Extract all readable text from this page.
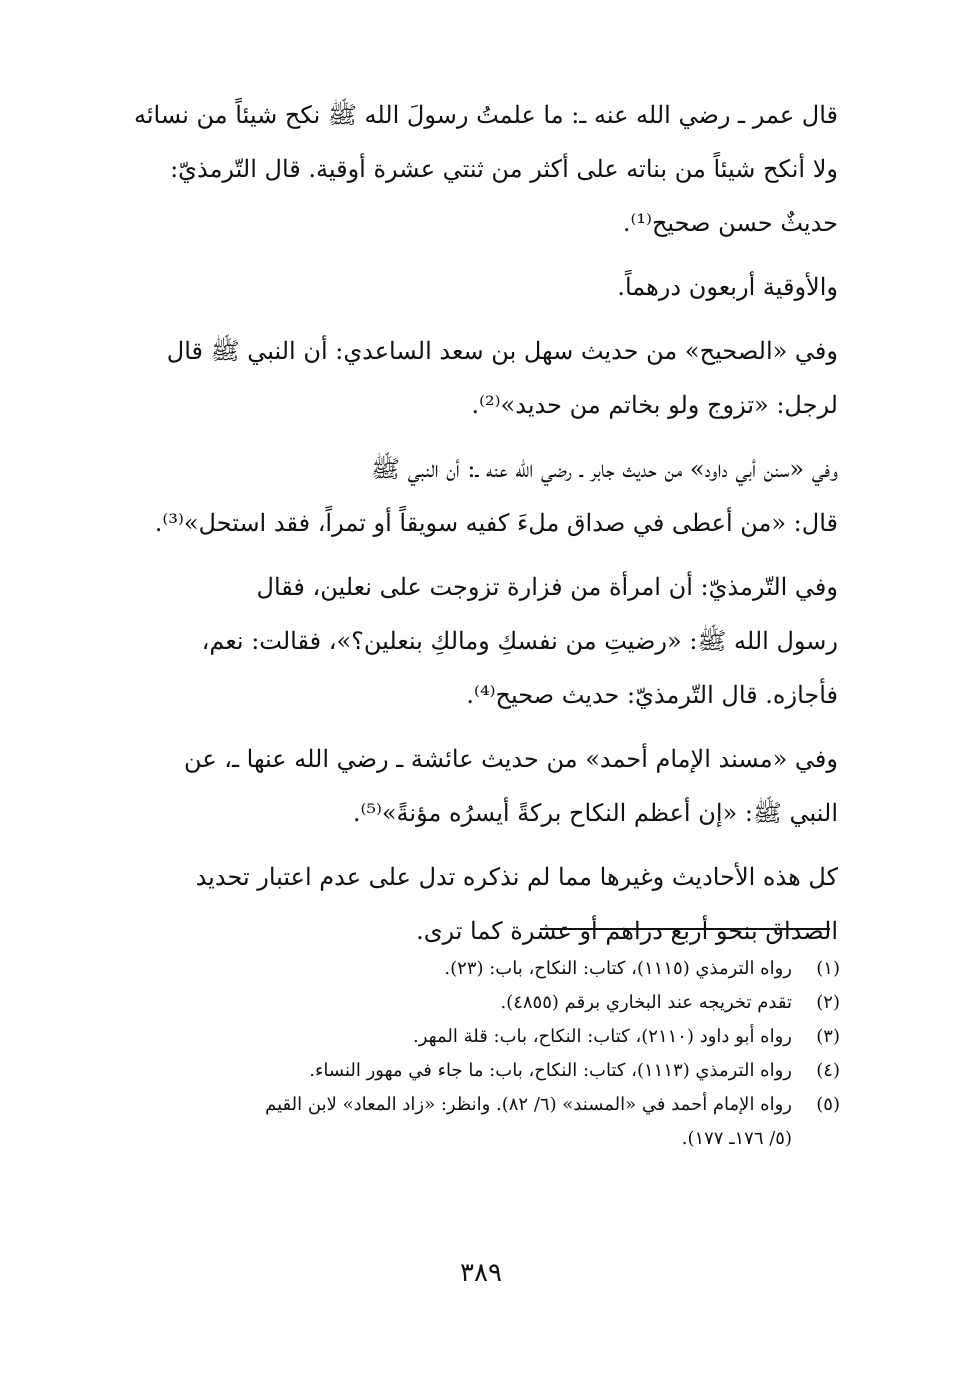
قال عمر ـ رضي الله عنه ـ: ما علمتُ رسولَ الله ﷺ نكح شيئاً من نسائه
ولا أنكح شيئاً من بناته على أكثر من ثنتي عشرة أوقية. قال التّرمذيّ:
حديثٌ حسن صحيح⁽¹⁾.

والأوقية أربعون درهماً.

وفي «الصحيح» من حديث سهل بن سعد الساعدي: أن النبي ﷺ قال
لرجل: «تزوج ولو بخاتم من حديد»⁽²⁾.

وفي «سنن أبي داود» من حديث جابر ـ رضي الله عنه ـ: أن النبي ﷺ
قال: «من أعطى في صداق ملءَ كفيه سويقاً أو تمراً، فقد استحل»⁽³⁾.

وفي التّرمذيّ: أن امرأة من فزارة تزوجت على نعلين، فقال
رسول الله ﷺ: «رضيتِ من نفسكِ ومالكِ بنعلين؟»، فقالت: نعم،
فأجازه. قال التّرمذيّ: حديث صحيح⁽⁴⁾.

وفي «مسند الإمام أحمد» من حديث عائشة ـ رضي الله عنها ـ، عن
النبي ﷺ: «إن أعظم النكاح بركةً أيسرُه مؤنةً»⁽⁵⁾.

كل هذه الأحاديث وغيرها مما لم نذكره تدل على عدم اعتبار تحديد
الصداق بنحو أربع دراهم أو عشرة كما ترى.

(١)
رواه الترمذي (١١١٥)، كتاب: النكاح، باب: (٢٣).
(٢)
تقدم تخريجه عند البخاري برقم (٤٨٥٥).
(٣)
رواه أبو داود (٢١١٠)، كتاب: النكاح، باب: قلة المهر.
(٤)
رواه الترمذي (١١١٣)، كتاب: النكاح، باب: ما جاء في مهور النساء.
(٥)
رواه الإمام أحمد في «المسند» (٦/ ٨٢). وانظر: «زاد المعاد» لابن القيم
(٥/ ١٧٦ـ ١٧٧).
٣٨٩
